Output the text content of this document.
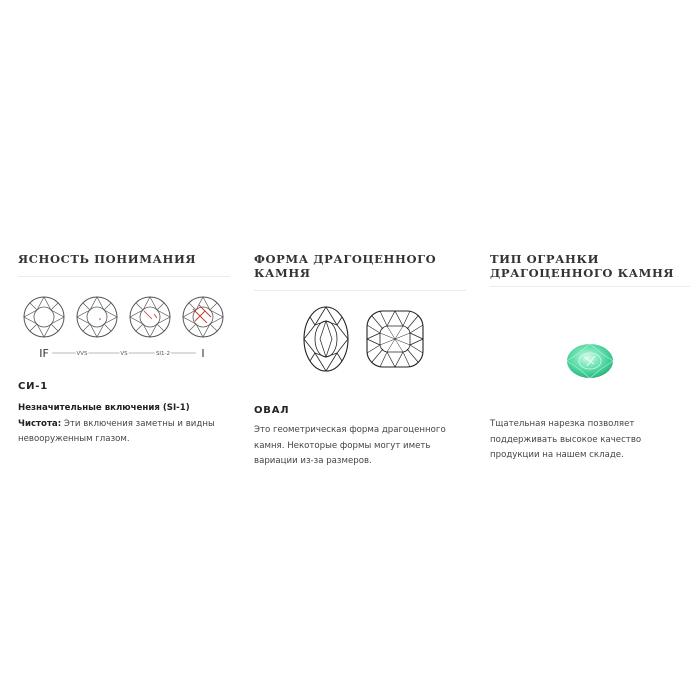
ЯСНОСТЬ ПОНИМАНИЯ
IF	VVS	VS	SI1-2	I

СИ-1

Незначительные включения (SI-1) Чистота: Эти включения заметны и видны невооруженным глазом.

ФОРМА ДРАГОЦЕННОГО КАМНЯ

ОВАЛ

Это геометрическая форма драгоценного камня. Некоторые формы могут иметь вариации из-за размеров.

ТИП ОГРАНКИ ДРАГОЦЕННОГО КАМНЯ

Тщательная нарезка позволяет поддерживать высокое качество продукции на нашем складе.
